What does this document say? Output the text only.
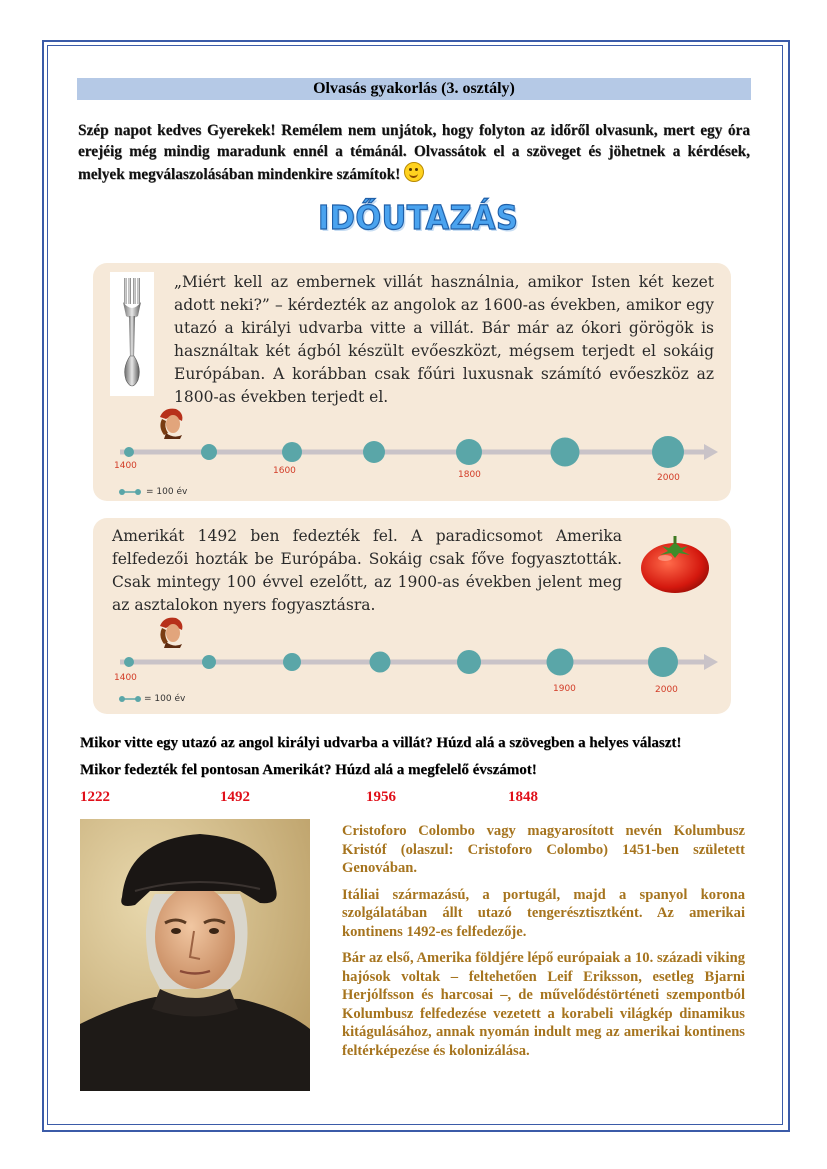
Olvasás gyakorlás (3. osztály)
Szép napot kedves Gyerekek! Remélem nem unjátok, hogy folyton az időről olvasunk, mert egy óra erejéig még mindig maradunk ennél a témánál. Olvassátok el a szöveget és jöhetnek a kérdések, melyek megválaszolásában mindenkire számítok!
IDŐUTAZÁS
„Miért kell az embernek villát használnia, amikor Isten két kezet adott neki?” – kérdezték az angolok az 1600-as években, amikor egy utazó a királyi udvarba vitte a villát. Bár már az ókori görögök is használtak két ágból készült evőeszközt, mégsem terjedt el sokáig Európában. A korábban csak főúri luxusnak számító evőeszköz az 1800-as években terjedt el.
1400	1600	1800	2000
= 100 év
Amerikát 1492 ben fedezték fel. A paradicsomot Amerika felfedezői hozták be Európába. Sokáig csak főve fogyasztották. Csak mintegy 100 évvel ezelőtt, az 1900-as években jelent meg az asztalokon nyers fogyasztásra.
1400
1900	2000
= 100 év
Mikor vitte egy utazó az angol királyi udvarba a villát? Húzd alá a szövegben a helyes választ!
Mikor fedezték fel pontosan Amerikát? Húzd alá a megfelelő évszámot!
1222	1492	1956	1848

Cristoforo Colombo vagy magyarosított nevén Kolumbusz Kristóf (olaszul: Cristoforo Colombo) 1451-ben született Genovában.

Itáliai származású, a portugál, majd a spanyol korona szolgálatában állt utazó tengerésztisztként. Az amerikai kontinens 1492-es felfedezője.

Bár az első, Amerika földjére lépő európaiak a 10. századi viking hajósok voltak – feltehetően Leif Eriksson, esetleg Bjarni Herjólfsson és harcosai –, de művelődéstörténeti szempontból Kolumbusz felfedezése vezetett a korabeli világkép dinamikus kitágulásához, annak nyomán indult meg az amerikai kontinens feltérképezése és kolonizálása.
